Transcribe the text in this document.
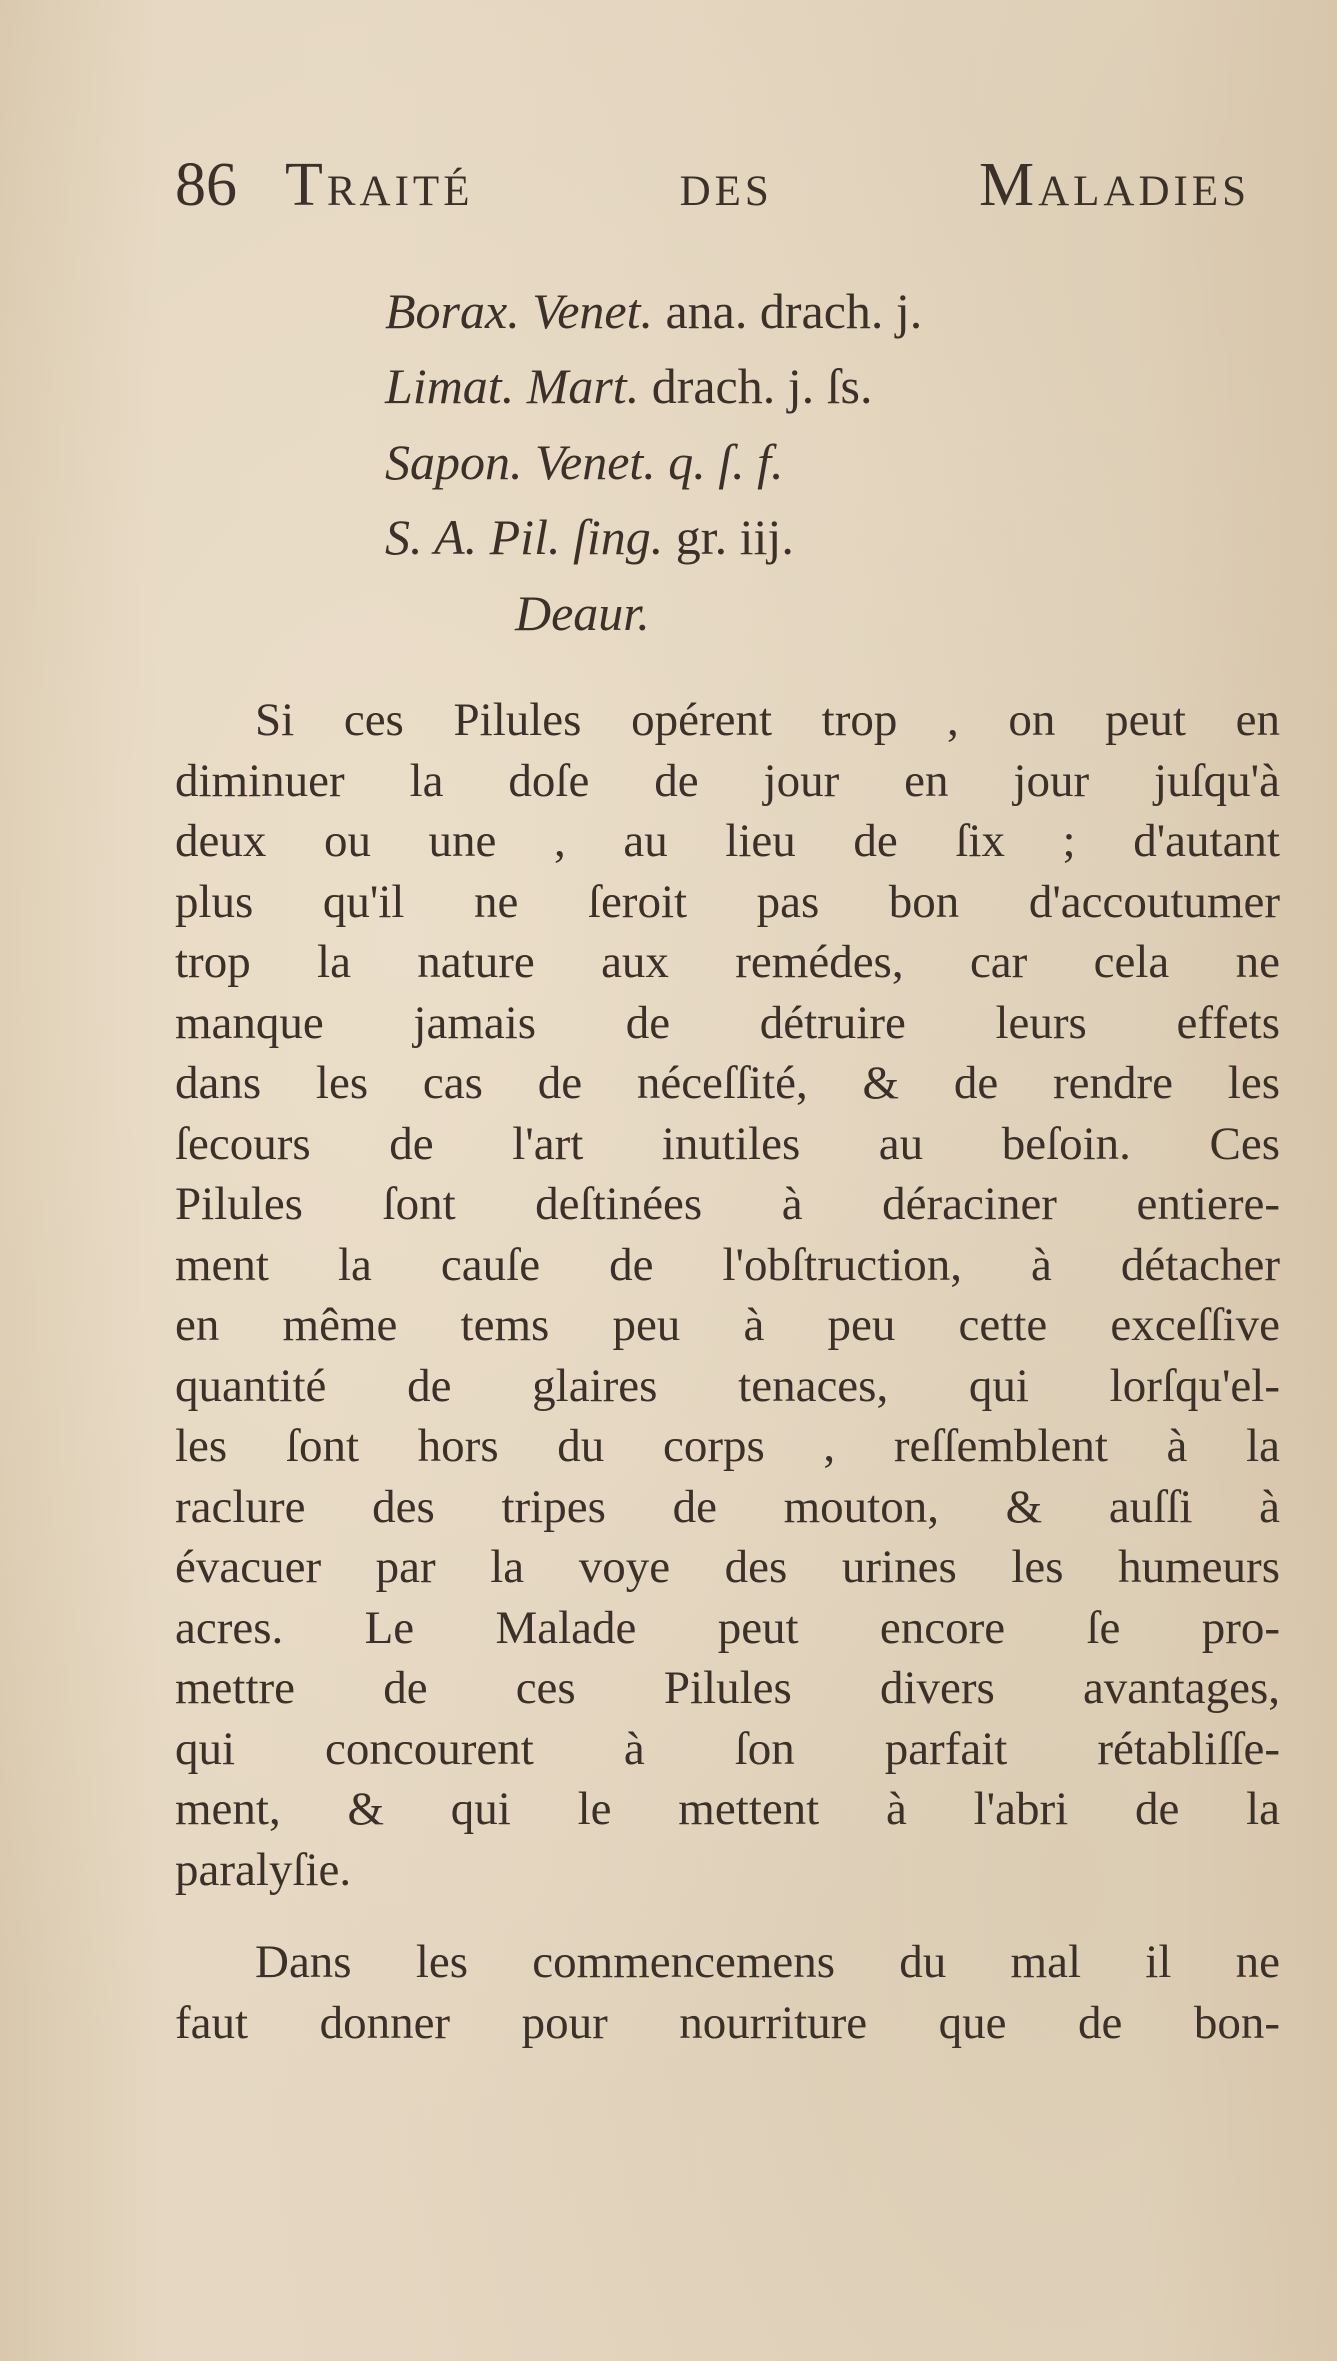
86 Traité des Maladies
Borax. Venet. ana. drach. j.
Limat. Mart. drach. j. ſs.
Sapon. Venet. q. ſ. f.
S. A. Pil. ſing. gr. iij.
Deaur.
Si ces Pilules opérent trop , on peut en
diminuer la doſe de jour en jour juſqu'à
deux ou une , au lieu de ſix ; d'autant
plus qu'il ne ſeroit pas bon d'accoutumer
trop la nature aux remédes, car cela ne
manque jamais de détruire leurs effets
dans les cas de néceſſité, & de rendre les
ſecours de l'art inutiles au beſoin. Ces
Pilules ſont deſtinées à déraciner entiere-
ment la cauſe de l'obſtruction, à détacher
en même tems peu à peu cette exceſſive
quantité de glaires tenaces, qui lorſqu'el-
les ſont hors du corps , reſſemblent à la
raclure des tripes de mouton, & auſſi à
évacuer par la voye des urines les humeurs
acres. Le Malade peut encore ſe pro-
mettre de ces Pilules divers avantages,
qui concourent à ſon parfait rétabliſſe-
ment, & qui le mettent à l'abri de la
paralyſie.
Dans les commencemens du mal il ne
faut donner pour nourriture que de bon-
